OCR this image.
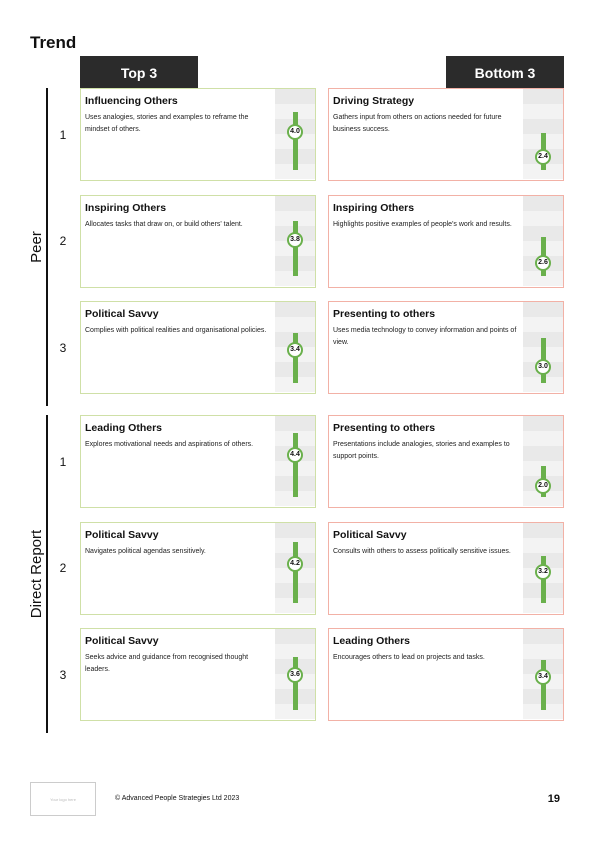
Trend
Top 3	Bottom 3
Peer
1
Influencing Others
Uses analogies, stories and examples to reframe the mindset of others.	4.0
Driving Strategy
Gathers input from others on actions needed for future business success.
2.4
2
Inspiring Others
Allocates tasks that draw on, or build others' talent.
3.8
Inspiring Others
Highlights positive examples of people's work and results.
2.6
3
Political Savvy
Complies with political realities and organisational policies.
3.4
Presenting to others
Uses media technology to convey information and points of view.
3.0
Direct Report
1
Leading Others
Explores motivational needs and aspirations of others.
4.4
Presenting to others
Presentations include analogies, stories and examples to support points.
2.0
2
Political Savvy
Navigates political agendas sensitively.
4.2
Political Savvy
Consults with others to assess politically sensitive issues.
3.2
3
Political Savvy
Seeks advice and guidance from recognised thought leaders.
3.6
Leading Others
Encourages others to lead on projects and tasks.
3.4
Your logo here	© Advanced People Strategies Ltd 2023	19
